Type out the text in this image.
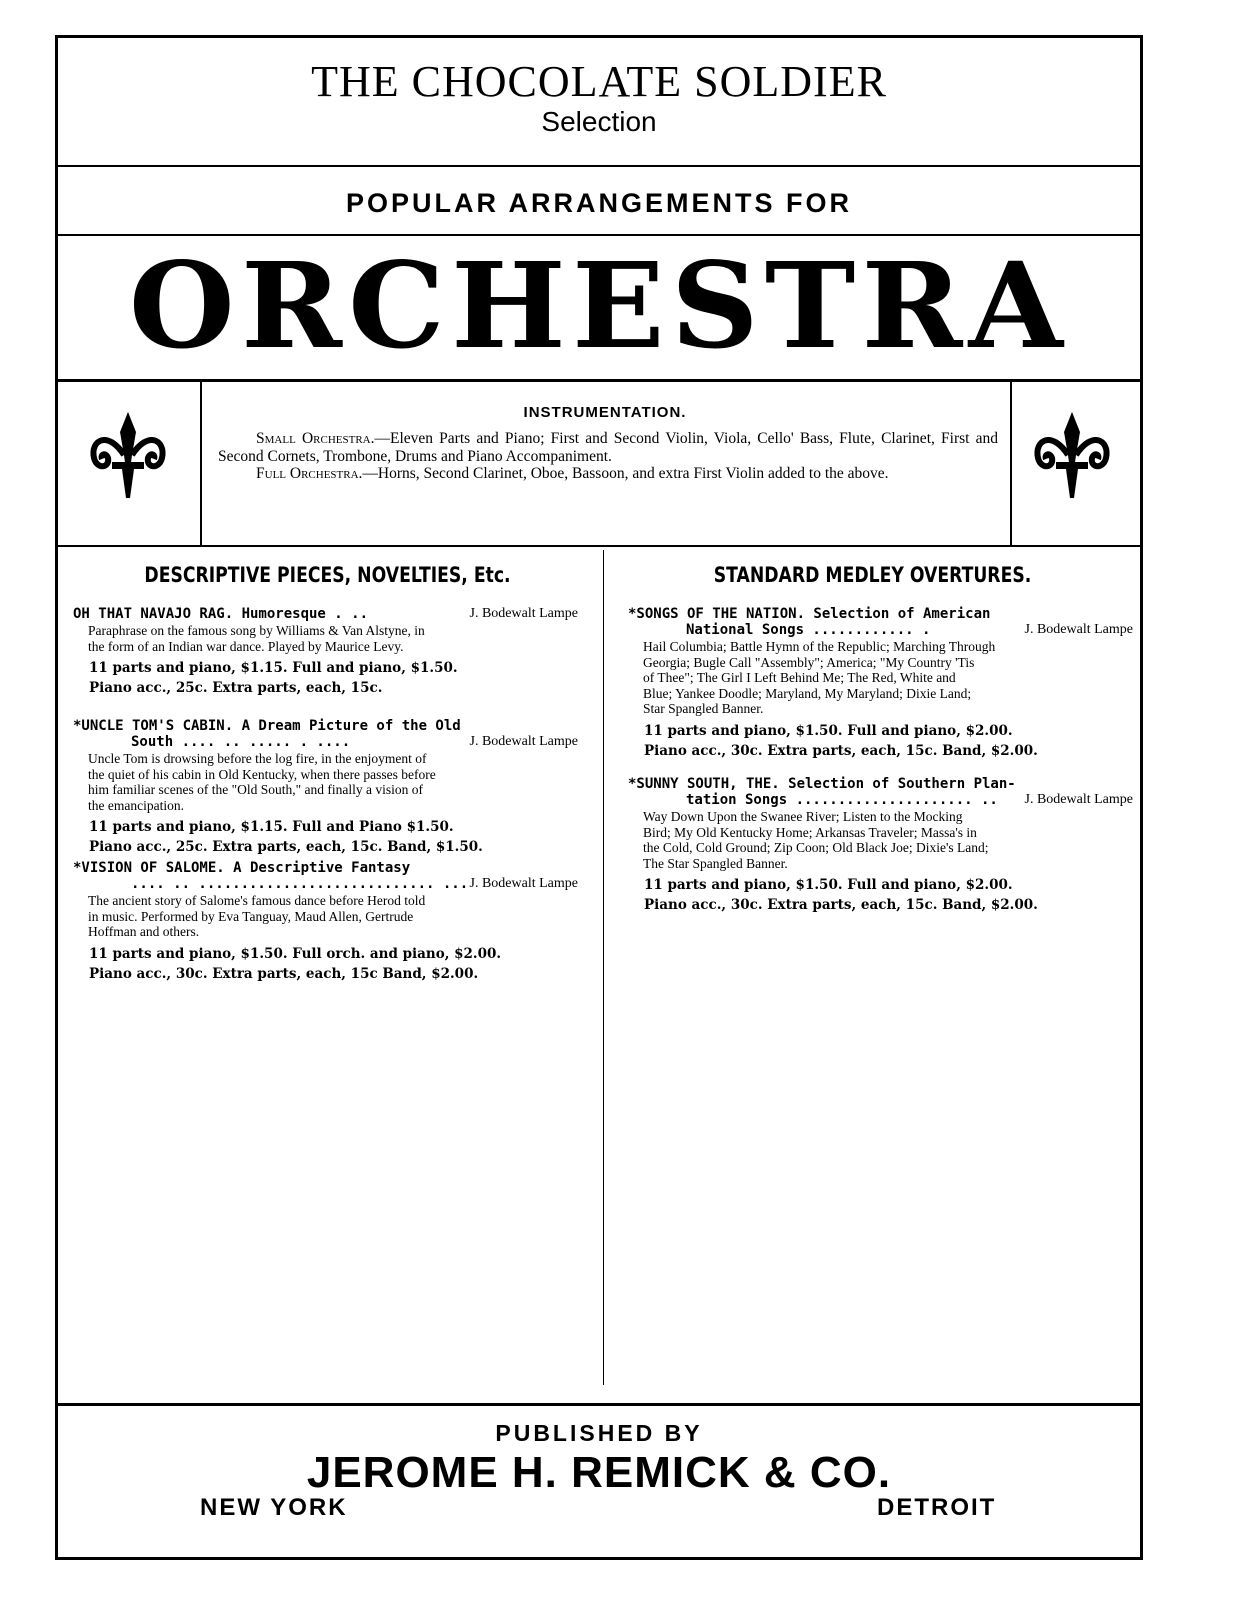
THE CHOCOLATE SOLDIER
Selection
POPULAR ARRANGEMENTS FOR
ORCHESTRA
INSTRUMENTATION.

Small Orchestra.—Eleven Parts and Piano; First and Second Violin, Viola, Cello' Bass, Flute, Clarinet, First and Second Cornets, Trombone, Drums and Piano Accompaniment.

Full Orchestra.—Horns, Second Clarinet, Oboe, Bassoon, and extra First Violin added to the above.

DESCRIPTIVE PIECES, NOVELTIES, Etc.	STANDARD MEDLEY OVERTURES.
OH THAT NAVAJO RAG. Humoresque . ..	J. Bodewalt Lampe
Paraphrase on the famous song by Williams & Van Alstyne, in
the form of an Indian war dance. Played by Maurice Levy.
11 parts and piano, $1.15. Full and piano, $1.50.
Piano acc., 25c. Extra parts, each, 15c.
*UNCLE TOM'S CABIN. A Dream Picture of the Old
South .... .. ..... . ....	J. Bodewalt Lampe
Uncle Tom is drowsing before the log fire, in the enjoyment of
the quiet of his cabin in Old Kentucky, when there passes before
him familiar scenes of the "Old South," and finally a vision of
the emancipation.
11 parts and piano, $1.15. Full and Piano $1.50.
Piano acc., 25c. Extra parts, each, 15c. Band, $1.50.
*VISION OF SALOME. A Descriptive Fantasy
.... .. ............................ ... J. Bodewalt Lampe
The ancient story of Salome's famous dance before Herod told
in music. Performed by Eva Tanguay, Maud Allen, Gertrude
Hoffman and others.
11 parts and piano, $1.50. Full orch. and piano, $2.00.
Piano acc., 30c. Extra parts, each, 15c Band, $2.00.
*SONGS OF THE NATION. Selection of American
National Songs ............ .	J. Bodewalt Lampe
Hail Columbia; Battle Hymn of the Republic; Marching Through
Georgia; Bugle Call "Assembly"; America; "My Country 'Tis
of Thee"; The Girl I Left Behind Me; The Red, White and
Blue; Yankee Doodle; Maryland, My Maryland; Dixie Land;
Star Spangled Banner.
11 parts and piano, $1.50. Full and piano, $2.00.
Piano acc., 30c. Extra parts, each, 15c. Band, $2.00.
*SUNNY SOUTH, THE. Selection of Southern Plan-
tation Songs ..................... .. J. Bodewalt Lampe
Way Down Upon the Swanee River; Listen to the Mocking
Bird; My Old Kentucky Home; Arkansas Traveler; Massa's in
the Cold, Cold Ground; Zip Coon; Old Black Joe; Dixie's Land;
The Star Spangled Banner.
11 parts and piano, $1.50. Full and piano, $2.00.
Piano acc., 30c. Extra parts, each, 15c. Band, $2.00.
PUBLISHED BY
JEROME H. REMICK & CO.
NEW YORK	DETROIT
